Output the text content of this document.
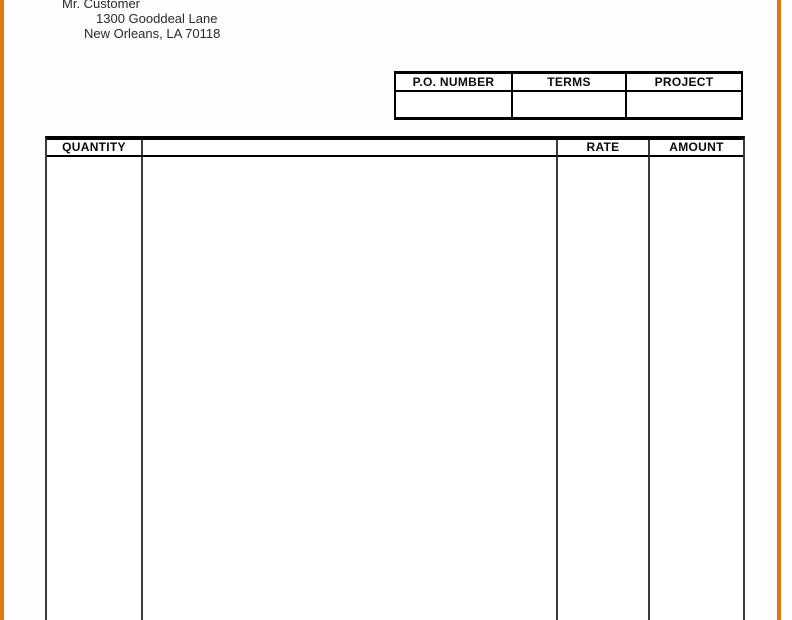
Mr. Customer
1300 Gooddeal Lane
New Orleans, LA 70118
P.O. NUMBER	TERMS	PROJECT
QUANTITY	RATE	AMOUNT
